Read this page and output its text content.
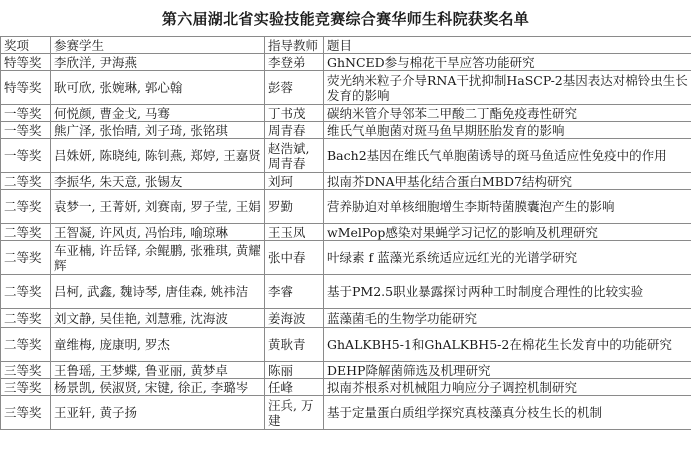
第六届湖北省实验技能竞赛综合赛华师生科院获奖名单
奖项	参赛学生	指导教师	题目
特等奖	李欣洋, 尹海燕	李登弟	GhNCED参与棉花干旱应答功能研究
特等奖	耿可欣, 张婉琳, 郭心翰	彭蓉	荧光纳米粒子介导RNA干扰抑制HaSCP-2基因表达对棉铃虫生长发育的影响
一等奖	何悦颜, 曹金戈, 马骞	丁书茂	碳纳米管介导邻苯二甲酸二丁酯免疫毒性研究
一等奖	熊广泽, 张怡晴, 刘子琦, 张铭琪	周青春	维氏气单胞菌对斑马鱼早期胚胎发育的影响
一等奖	吕姝妍, 陈晓纯, 陈钊燕, 郑婷, 王嘉贤	赵浩斌, 周青春	Bach2基因在维氏气单胞菌诱导的斑马鱼适应性免疫中的作用
二等奖	李振华, 朱天意, 张锡友	刘珂	拟南芥DNA甲基化结合蛋白MBD7结构研究
二等奖	袁梦一, 王菁妍, 刘赛南, 罗子莹, 王娟	罗勤	营养胁迫对单核细胞增生李斯特菌膜囊泡产生的影响
二等奖	王智凝, 许风贞, 冯怡玮, 喻琼琳	王玉凤	wMelPop感染对果蝇学习记忆的影响及机理研究
二等奖	车亚楠, 许岳铎, 余鲲鹏, 张雅琪, 黄耀辉	张中春	叶绿素 f 蓝藻光系统适应远红光的光谱学研究
二等奖	吕柯, 武鑫, 魏诗琴, 唐佳森, 姚祎洁	李睿	基于PM2.5职业暴露探讨两种工时制度合理性的比较实验
二等奖	刘文静, 吴佳艳, 刘慧雅, 沈海波	姜海波	蓝藻菌毛的生物学功能研究
二等奖	童维梅, 庞康明, 罗杰	黄耿青	GhALKBH5-1和GhALKBH5-2在棉花生长发育中的功能研究
三等奖	王鲁瑶, 王梦蝶, 鲁亚丽, 黄梦卓	陈丽	DEHP降解菌筛选及机理研究
三等奖	杨景凯, 侯淑贤, 宋键, 徐正, 李璐岑	任峰	拟南芥根系对机械阻力响应分子调控机制研究
三等奖	王亚轩, 黄子扬	汪兵, 万建	基于定量蛋白质组学探究真枝藻真分枝生长的机制
